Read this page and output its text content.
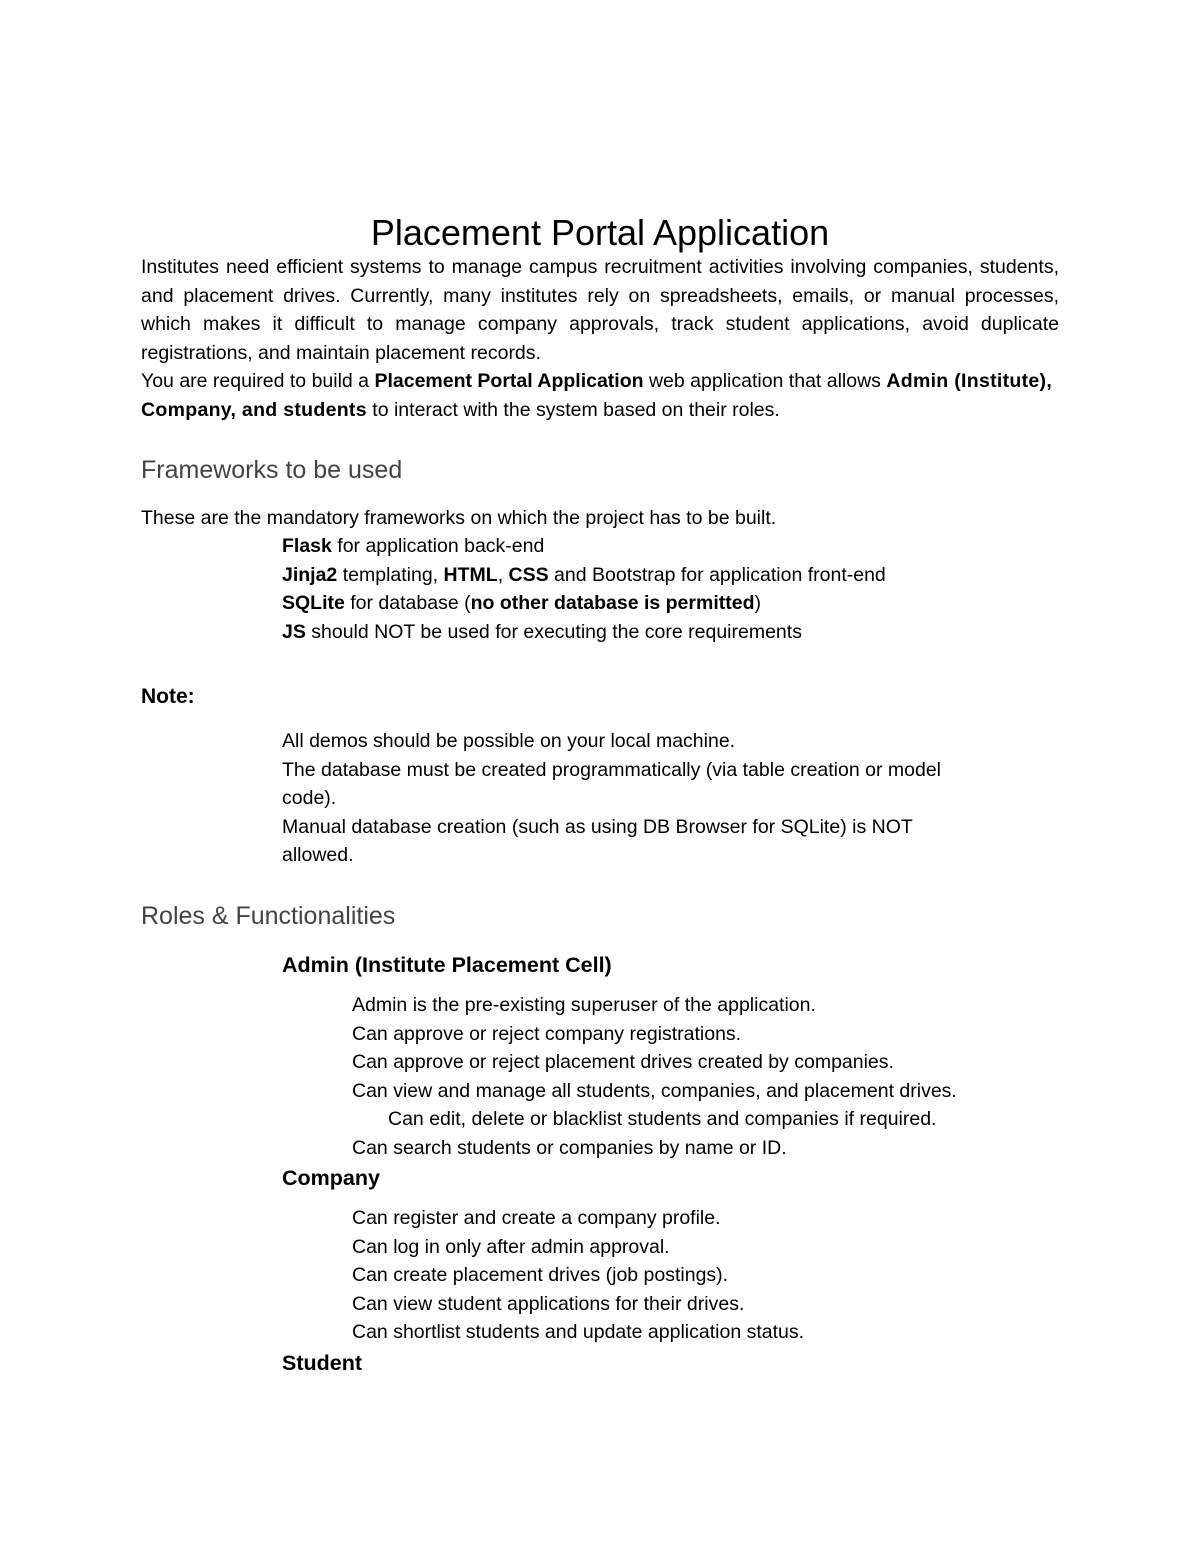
Placement Portal Application

Institutes need efficient systems to manage campus recruitment activities involving companies, students, and placement drives. Currently, many institutes rely on spreadsheets, emails, or manual processes, which makes it difficult to manage company approvals, track student applications, avoid duplicate registrations, and maintain placement records.

You are required to build a Placement Portal Application web application that allows Admin (Institute), Company, and students to interact with the system based on their roles.

Frameworks to be used

These are the mandatory frameworks on which the project has to be built.

Flask for application back-end

Jinja2 templating, HTML, CSS and Bootstrap for application front-end

SQLite for database (no other database is permitted)

JS should NOT be used for executing the core requirements

Note:

All demos should be possible on your local machine.

The database must be created programmatically (via table creation or model

code).

Manual database creation (such as using DB Browser for SQLite) is NOT

allowed.

Roles & Functionalities
Admin (Institute Placement Cell)

Admin is the pre-existing superuser of the application.

Can approve or reject company registrations.

Can approve or reject placement drives created by companies.

Can view and manage all students, companies, and placement drives.

Can edit, delete or blacklist students and companies if required.

Can search students or companies by name or ID.

Company

Can register and create a company profile.

Can log in only after admin approval.

Can create placement drives (job postings).

Can view student applications for their drives.

Can shortlist students and update application status.

Student
